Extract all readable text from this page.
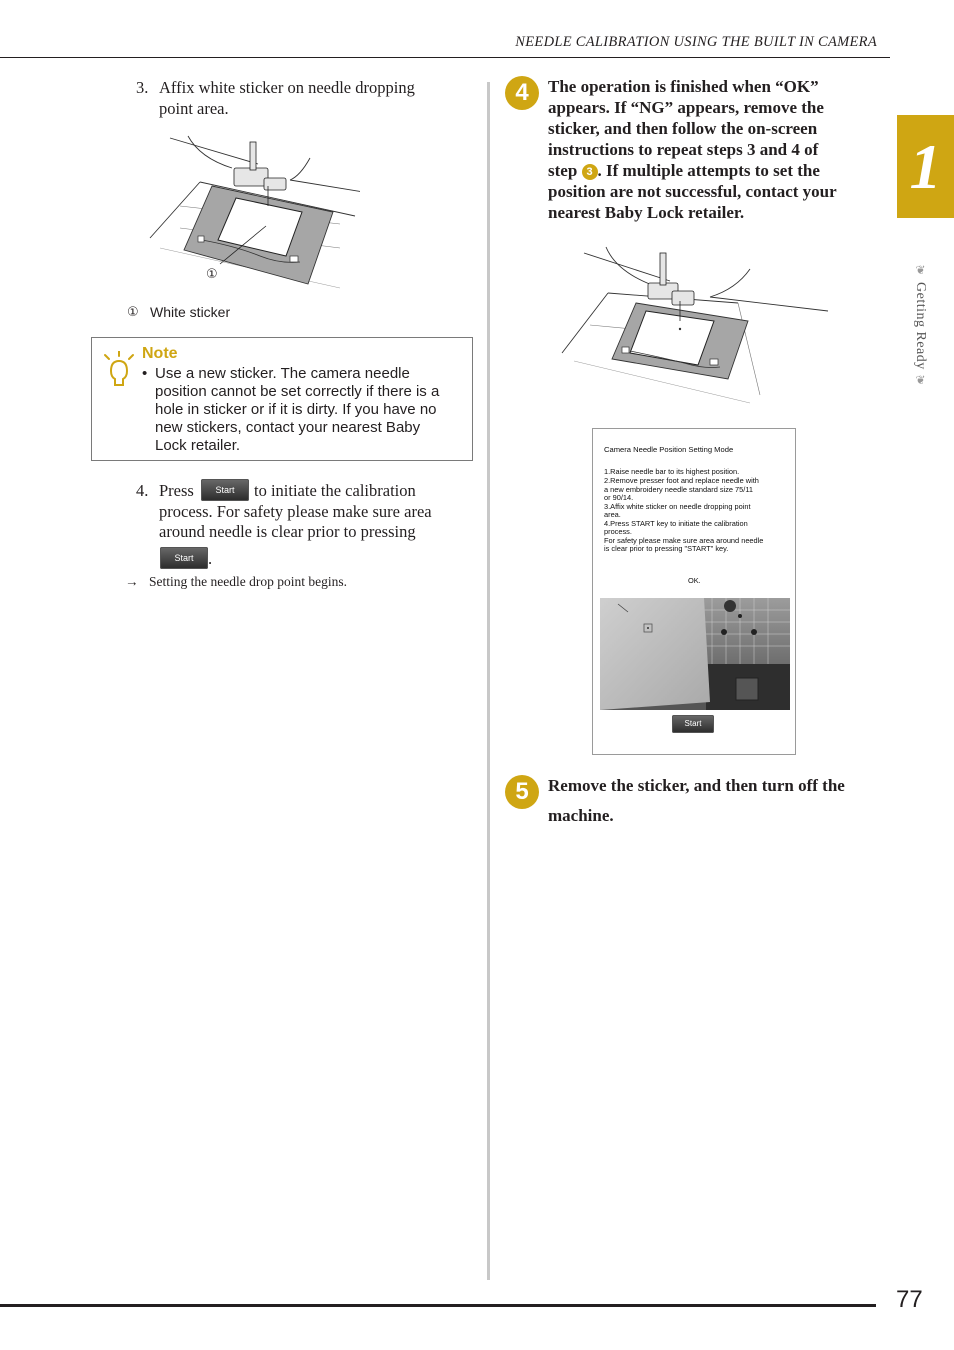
NEEDLE CALIBRATION USING THE BUILT IN CAMERA
1
❦
Getting Ready
❦
3. Affix white sticker on needle dropping
point area.
①
① White sticker
Note
• Use a new sticker. The camera needle
position cannot be set correctly if there is a
hole in sticker or if it is dirty. If you have no
new stickers, contact your nearest Baby
Lock retailer.
4. Press	Start	to initiate the calibration
process. For safety please make sure area
around needle is clear prior to pressing
Start .
→ Setting the needle drop point begins.
4	The operation is finished when “OK”
appears. If “NG” appears, remove the
sticker, and then follow the on-screen
instructions to repeat steps 3 and 4 of
step 3 . If multiple attempts to set the
position are not successful, contact your
nearest Baby Lock retailer.
Camera Needle Position Setting Mode
1.Raise needle bar to its highest position.
2.Remove presser foot and replace needle with
a new embroidery needle standard size 75/11
or 90/14.
3.Affix white sticker on needle dropping point
area.
4.Press START key to initiate the calibration
process.
For safety please make sure area around needle
is clear prior to pressing "START" key.
OK.
Start
5	Remove the sticker, and then turn off the
machine.
77
